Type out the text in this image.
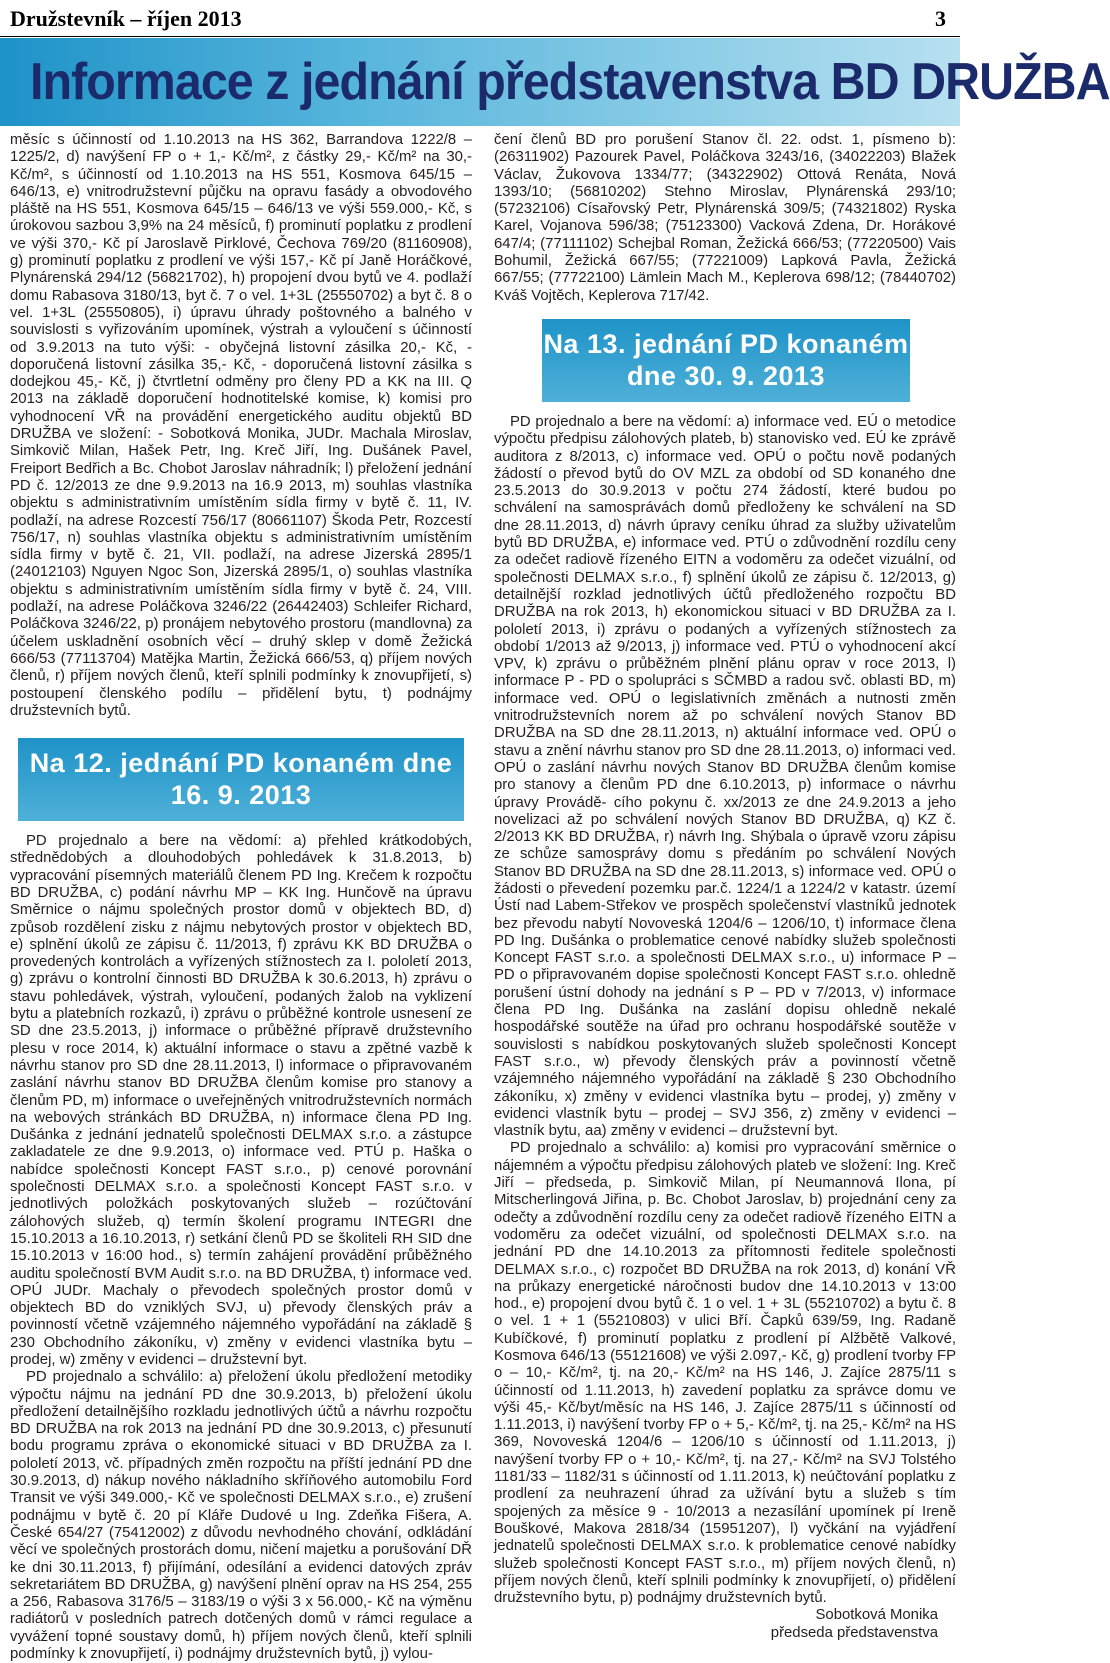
Družstevník – říjen 2013	3
Informace z jednání představenstva BD DRUŽBA

měsíc s účinností od 1.10.2013 na HS 362, Barrandova 1222/8 – 1225/2, d) navýšení FP o + 1,- Kč/m², z částky 29,- Kč/m² na 30,- Kč/m², s účinností od 1.10.2013 na HS 551, Kosmova 645/15 – 646/13, e) vnitrodružstevní půjčku na opravu fasády a obvodového pláště na HS 551, Kosmova 645/15 – 646/13 ve výši 559.000,- Kč, s úrokovou sazbou 3,9% na 24 měsíců, f) prominutí poplatku z prodlení ve výši 370,- Kč pí Jaroslavě Pirklové, Čechova 769/20 (81160908), g) prominutí poplatku z prodlení ve výši 157,- Kč pí Janě Horáčkové, Plynárenská 294/12 (56821702), h) propojení dvou bytů ve 4. podlaží domu Rabasova 3180/13, byt č. 7 o vel. 1+3L (25550702) a byt č. 8 o vel. 1+3L (25550805), i) úpravu úhrady poštovného a balného v souvislosti s vyřizováním upomínek, výstrah a vyloučení s účinností od 3.9.2013 na tuto výši: - obyčejná listovní zásilka 20,- Kč, - doporučená listovní zásilka 35,- Kč, - doporučená listovní zásilka s dodejkou 45,- Kč, j) čtvrtletní odměny pro členy PD a KK na III. Q 2013 na základě doporučení hodnotitelské komise, k) komisi pro vyhodnocení VŘ na provádění energetického auditu objektů BD DRUŽBA ve složení: - Sobotková Monika, JUDr. Machala Miroslav, Simkovič Milan, Hašek Petr, Ing. Kreč Jiří, Ing. Dušánek Pavel, Freiport Bedřich a Bc. Chobot Jaroslav náhradník; l) přeložení jednání PD č. 12/2013 ze dne 9.9.2013 na 16.9 2013, m) souhlas vlastníka objektu s administrativním umístěním sídla firmy v bytě č. 11, IV. podlaží, na adrese Rozcestí 756/17 (80661107) Škoda Petr, Rozcestí 756/17, n) souhlas vlastníka objektu s administrativním umístěním sídla firmy v bytě č. 21, VII. podlaží, na adrese Jizerská 2895/1 (24012103) Nguyen Ngoc Son, Jizerská 2895/1, o) souhlas vlastníka objektu s administrativním umístěním sídla firmy v bytě č. 24, VIII. podlaží, na adrese Poláčkova 3246/22 (26442403) Schleifer Richard, Poláčkova 3246/22, p) pronájem nebytového prostoru (mandlovna) za účelem uskladnění osobních věcí – druhý sklep v domě Žežická 666/53 (77113704) Matějka Martin, Žežická 666/53, q) příjem nových členů, r) příjem nových členů, kteří splnili podmínky k znovupřijetí, s) postoupení členského podílu – přidělení bytu, t) podnájmy družstevních bytů.

Na 12. jednání PD konaném dne 16. 9. 2013

PD projednalo a bere na vědomí: a) přehled krátkodobých, střednědobých a dlouhodobých pohledávek k 31.8.2013, b) vypracování písemných materiálů členem PD Ing. Krečem k rozpočtu BD DRUŽBA, c) podání návrhu MP – KK Ing. Hunčově na úpravu Směrnice o nájmu společných prostor domů v objektech BD, d) způsob rozdělení zisku z nájmu nebytových prostor v objektech BD, e) splnění úkolů ze zápisu č. 11/2013, f) zprávu KK BD DRUŽBA o provedených kontrolách a vyřízených stížnostech za I. pololetí 2013, g) zprávu o kontrolní činnosti BD DRUŽBA k 30.6.2013, h) zprávu o stavu pohledávek, výstrah, vyloučení, podaných žalob na vyklizení bytu a platebních rozkazů, i) zprávu o průběžné kontrole usnesení ze SD dne 23.5.2013, j) informace o průběžné přípravě družstevního plesu v roce 2014, k) aktuální informace o stavu a zpětné vazbě k návrhu stanov pro SD dne 28.11.2013, l) informace o připravovaném zaslání návrhu stanov BD DRUŽBA členům komise pro stanovy a členům PD, m) informace o uveřejněných vnitrodružstevních normách na webových stránkách BD DRUŽBA, n) informace člena PD Ing. Dušánka z jednání jednatelů společnosti DELMAX s.r.o. a zástupce zakladatele ze dne 9.9.2013, o) informace ved. PTÚ p. Haška o nabídce společnosti Koncept FAST s.r.o., p) cenové porovnání společnosti DELMAX s.r.o. a společnosti Koncept FAST s.r.o. v jednotlivých položkách poskytovaných služeb – rozúčtování zálohových služeb, q) termín školení programu INTEGRI dne 15.10.2013 a 16.10.2013, r) setkání členů PD se školiteli RH SID dne 15.10.2013 v 16:00 hod., s) termín zahájení provádění průběžného auditu společností BVM Audit s.r.o. na BD DRUŽBA, t) informace ved. OPÚ JUDr. Machaly o převodech společných prostor domů v objektech BD do vzniklých SVJ, u) převody členských práv a povinností včetně vzájemného nájemného vypořádání na základě § 230 Obchodního zákoníku, v) změny v evidenci vlastníka bytu – prodej, w) změny v evidenci – družstevní byt.

PD projednalo a schválilo: a) přeložení úkolu předložení metodiky výpočtu nájmu na jednání PD dne 30.9.2013, b) přeložení úkolu předložení detailnějšího rozkladu jednotlivých účtů a návrhu rozpočtu BD DRUŽBA na rok 2013 na jednání PD dne 30.9.2013, c) přesunutí bodu programu zpráva o ekonomické situaci v BD DRUŽBA za I. pololetí 2013, vč. případných změn rozpočtu na příští jednání PD dne 30.9.2013, d) nákup nového nákladního skříňového automobilu Ford Transit ve výši 349.000,- Kč ve společnosti DELMAX s.r.o., e) zrušení podnájmu v bytě č. 20 pí Kláře Dudové u Ing. Zdeňka Fišera, A. České 654/27 (75412002) z důvodu nevhodného chování, odkládání věcí ve společných prostorách domu, ničení majetku a porušování DŘ ke dni 30.11.2013, f) přijímání, odesílání a evidenci datových zpráv sekretariátem BD DRUŽBA, g) navýšení plnění oprav na HS 254, 255 a 256, Rabasova 3176/5 – 3183/19 o výši 3 x 56.000,- Kč na výměnu radiátorů v posledních patrech dotčených domů v rámci regulace a vyvážení topné soustavy domů, h) příjem nových členů, kteří splnili podmínky k znovupřijetí, i) podnájmy družstevních bytů, j) vylou-

čení členů BD pro porušení Stanov čl. 22. odst. 1, písmeno b): (26311902) Pazourek Pavel, Poláčkova 3243/16, (34022203) Blažek Václav, Žukovova 1334/77; (34322902) Ottová Renáta, Nová 1393/10; (56810202) Stehno Miroslav, Plynárenská 293/10; (57232106) Císařovský Petr, Plynárenská 309/5; (74321802) Ryska Karel, Vojanova 596/38; (75123300) Vacková Zdena, Dr. Horákové 647/4; (77111102) Schejbal Roman, Žežická 666/53; (77220500) Vais Bohumil, Žežická 667/55; (77221009) Lapková Pavla, Žežická 667/55; (77722100) Lämlein Mach M., Keplerova 698/12; (78440702) Kváš Vojtěch, Keplerova 717/42.

Na 13. jednání PD konaném dne 30. 9. 2013

PD projednalo a bere na vědomí: a) informace ved. EÚ o metodice výpočtu předpisu zálohových plateb, b) stanovisko ved. EÚ ke zprávě auditora z 8/2013, c) informace ved. OPÚ o počtu nově podaných žádostí o převod bytů do OV MZL za období od SD konaného dne 23.5.2013 do 30.9.2013 v počtu 274 žádostí, které budou po schválení na samosprávách domů předloženy ke schválení na SD dne 28.11.2013, d) návrh úpravy ceníku úhrad za služby uživatelům bytů BD DRUŽBA, e) informace ved. PTÚ o zdůvodnění rozdílu ceny za odečet radiově řízeného EITN a vodoměru za odečet vizuální, od společnosti DELMAX s.r.o., f) splnění úkolů ze zápisu č. 12/2013, g) detailnější rozklad jednotlivých účtů předloženého rozpočtu BD DRUŽBA na rok 2013, h) ekonomickou situaci v BD DRUŽBA za I. pololetí 2013, i) zprávu o podaných a vyřízených stížnostech za období 1/2013 až 9/2013, j) informace ved. PTÚ o vyhodnocení akcí VPV, k) zprávu o průběžném plnění plánu oprav v roce 2013, l) informace P - PD o spolupráci s SČMBD a radou svč. oblasti BD, m) informace ved. OPÚ o legislativních změnách a nutnosti změn vnitrodružstevních norem až po schválení nových Stanov BD DRUŽBA na SD dne 28.11.2013, n) aktuální informace ved. OPÚ o stavu a znění návrhu stanov pro SD dne 28.11.2013, o) informaci ved. OPÚ o zaslání návrhu nových Stanov BD DRUŽBA členům komise pro stanovy a členům PD dne 6.10.2013, p) informace o návrhu úpravy Provádě- cího pokynu č. xx/2013 ze dne 24.9.2013 a jeho novelizaci až po schválení nových Stanov BD DRUŽBA, q) KZ č. 2/2013 KK BD DRUŽBA, r) návrh Ing. Shýbala o úpravě vzoru zápisu ze schůze samosprávy domu s předáním po schválení Nových Stanov BD DRUŽBA na SD dne 28.11.2013, s) informace ved. OPÚ o žádosti o převedení pozemku par.č. 1224/1 a 1224/2 v katastr. území Ústí nad Labem-Střekov ve prospěch společenství vlastníků jednotek bez převodu nabytí Novoveská 1204/6 – 1206/10, t) informace člena PD Ing. Dušánka o problematice cenové nabídky služeb společnosti Koncept FAST s.r.o. a společnosti DELMAX s.r.o., u) informace P – PD o připravovaném dopise společnosti Koncept FAST s.r.o. ohledně porušení ústní dohody na jednání s P – PD v 7/2013, v) informace člena PD Ing. Dušánka na zaslání dopisu ohledně nekalé hospodářské soutěže na úřad pro ochranu hospodářské soutěže v souvislosti s nabídkou poskytovaných služeb společnosti Koncept FAST s.r.o., w) převody členských práv a povinností včetně vzájemného nájemného vypořádání na základě § 230 Obchodního zákoníku, x) změny v evidenci vlastníka bytu – prodej, y) změny v evidenci vlastník bytu – prodej – SVJ 356, z) změny v evidenci – vlastník bytu, aa) změny v evidenci – družstevní byt.

PD projednalo a schválilo: a) komisi pro vypracování směrnice o nájemném a výpočtu předpisu zálohových plateb ve složení: Ing. Kreč Jiří – předseda, p. Simkovič Milan, pí Neumannová Ilona, pí Mitscherlingová Jiřina, p. Bc. Chobot Jaroslav, b) projednání ceny za odečty a zdůvodnění rozdílu ceny za odečet radiově řízeného EITN a vodoměru za odečet vizuální, od společnosti DELMAX s.r.o. na jednání PD dne 14.10.2013 za přítomnosti ředitele společnosti DELMAX s.r.o., c) rozpočet BD DRUŽBA na rok 2013, d) konání VŘ na průkazy energetické náročnosti budov dne 14.10.2013 v 13:00 hod., e) propojení dvou bytů č. 1 o vel. 1 + 3L (55210702) a bytu č. 8 o vel. 1 + 1 (55210803) v ulici Bří. Čapků 639/59, Ing. Radaně Kubíčkové, f) prominutí poplatku z prodlení pí Alžbětě Valkové, Kosmova 646/13 (55121608) ve výši 2.097,- Kč, g) prodlení tvorby FP o – 10,- Kč/m², tj. na 20,- Kč/m² na HS 146, J. Zajíce 2875/11 s účinností od 1.11.2013, h) zavedení poplatku za správce domu ve výši 45,- Kč/byt/měsíc na HS 146, J. Zajíce 2875/11 s účinností od 1.11.2013, i) navýšení tvorby FP o + 5,- Kč/m², tj. na 25,- Kč/m² na HS 369, Novoveská 1204/6 – 1206/10 s účinností od 1.11.2013, j) navýšení tvorby FP o + 10,- Kč/m², tj. na 27,- Kč/m² na SVJ Tolstého 1181/33 – 1182/31 s účinností od 1.11.2013, k) neúčtování poplatku z prodlení za neuhrazení úhrad za užívání bytu a služeb s tím spojených za měsíce 9 - 10/2013 a nezasílání upomínek pí Ireně Bouškové, Makova 2818/34 (15951207), l) vyčkání na vyjádření jednatelů společnosti DELMAX s.r.o. k problematice cenové nabídky služeb společnosti Koncept FAST s.r.o., m) příjem nových členů, n) příjem nových členů, kteří splnili podmínky k znovupřijetí, o) přidělení družstevního bytu, p) podnájmy družstevních bytů.

Sobotková Monika
předseda představenstva
